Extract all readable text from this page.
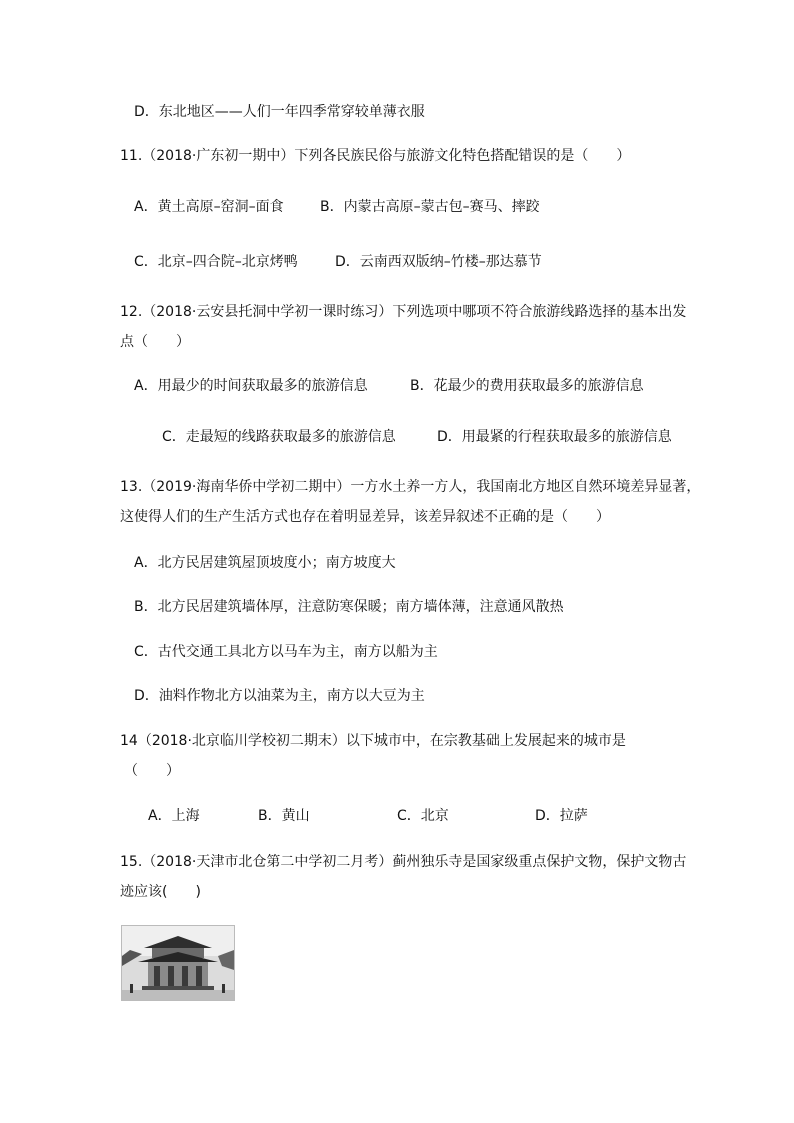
D．东北地区——人们一年四季常穿较单薄衣服
11.（2018·广东初一期中）下列各民族民俗与旅游文化特色搭配错误的是（　　）
A．黄土高原–窑洞–面食	B．内蒙古高原–蒙古包–赛马、摔跤
C．北京–四合院–北京烤鸭	D．云南西双版纳–竹楼–那达慕节
12.（2018·云安县托洞中学初一课时练习）下列选项中哪项不符合旅游线路选择的基本出发
点（　　）
A．用最少的时间获取最多的旅游信息	B．花最少的费用获取最多的旅游信息
C．走最短的线路获取最多的旅游信息	D．用最紧的行程获取最多的旅游信息
13.（2019·海南华侨中学初二期中）一方水土养一方人，我国南北方地区自然环境差异显著，
这使得人们的生产生活方式也存在着明显差异，该差异叙述不正确的是（　　）
A．北方民居建筑屋顶坡度小；南方坡度大
B．北方民居建筑墙体厚，注意防寒保暖；南方墙体薄，注意通风散热
C．古代交通工具北方以马车为主，南方以船为主
D．油料作物北方以油菜为主，南方以大豆为主
14（2018·北京临川学校初二期末）以下城市中，在宗教基础上发展起来的城市是
（　　）
A．上海	B．黄山	C．北京	D．拉萨
15.（2018·天津市北仓第二中学初二月考）蓟州独乐寺是国家级重点保护文物，保护文物古
迹应该(　　)
